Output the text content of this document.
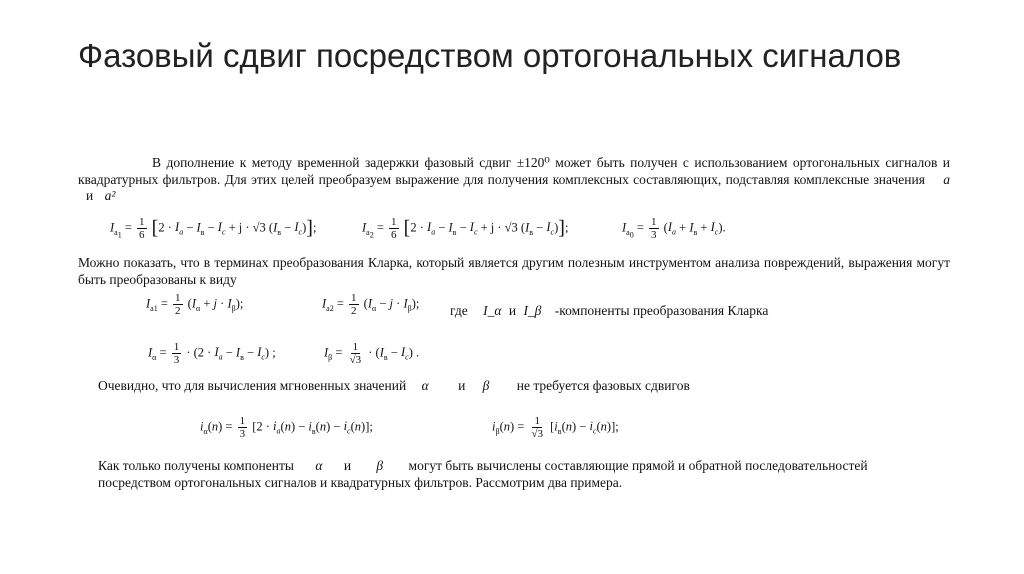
Фазовый сдвиг посредством ортогональных сигналов
В дополнение к методу временной задержки фазовый сдвиг ±120⁰ может быть получен с использованием ортогональных сигналов и квадратурных фильтров. Для этих целей преобразуем выражение для получения комплексных составляющих, подставляя комплексные значения a и a²
$I_{a_1} = \frac{1}{6} [2 \cdot I_a - I_в - I_c + j \cdot √3$ $(I_в - I_c)$];	$I_{a_2} = \frac{1}{6} [2 \cdot I_a - I_в - I_c + j \cdot √3$ $(I_в - I_c)$];	$I_{a_0} = \frac{1}{3} (I_a + I_в + I_c)$.
Можно показать, что в терминах преобразования Кларка, который является другим полезным инструментом анализа повреждений, выражения могут быть преобразованы к виду
$I_{a1} = \frac{1}{2} (I_\alpha + j \cdot I_\beta)$;	$I_{a2} = \frac{1}{2} (I_\alpha - j \cdot I_\beta)$; где I_α и I_β -компоненты преобразования Кларка
$I_\alpha = \frac{1}{3} \cdot (2 \cdot I_a - I_в - I_c)$ ;	$I_\beta = \frac{1}{√3} \cdot (I_в - I_c)$ .
Очевидно, что для вычисления мгновенных значений α и β не требуется фазовых сдвигов
$i_\alpha(n) = \frac{1}{3} [2 \cdot i_a(n) - i_в(n) - i_c(n)]$;	$i_\beta(n) = \frac{1}{√3} [i_в(n) - i_c(n)]$;
Как только получены компоненты α и β могут быть вычислены составляющие прямой и обратной последовательностей
посредством ортогональных сигналов и квадратурных фильтров. Рассмотрим два примера.
